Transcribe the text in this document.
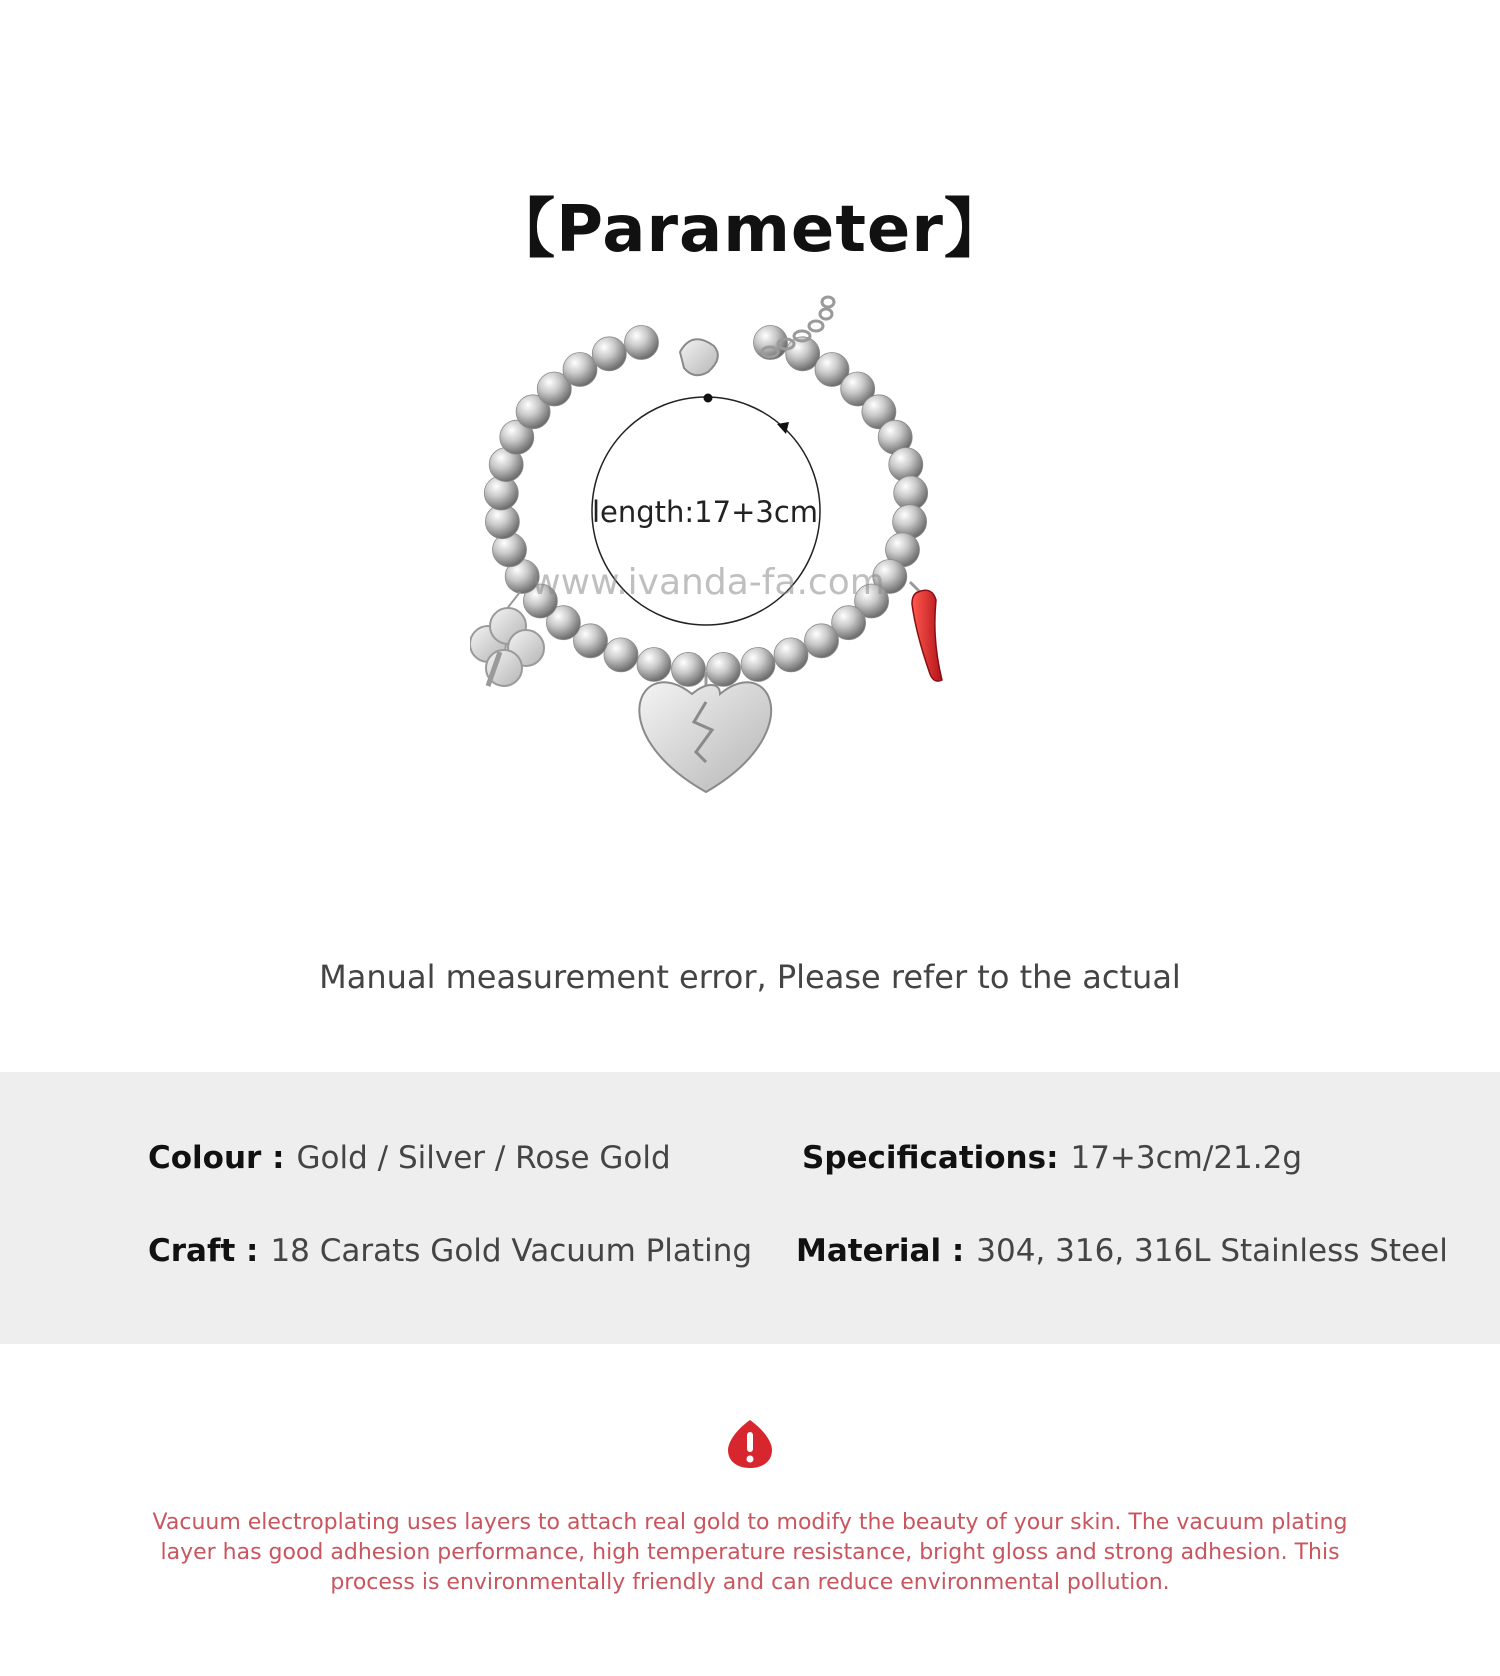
【Parameter】
length:17+3cm
www.ivanda-fa.com
Manual measurement error, Please refer to the actual
Colour : Gold / Silver / Rose Gold	Specifications: 17+3cm/21.2g
Craft : 18 Carats Gold Vacuum Plating Material : 304, 316, 316L Stainless Steel
Vacuum electroplating uses layers to attach real gold to modify the beauty of your skin. The vacuum plating layer has good adhesion performance, high temperature resistance, bright gloss and strong adhesion. This process is environmentally friendly and can reduce environmental pollution.
